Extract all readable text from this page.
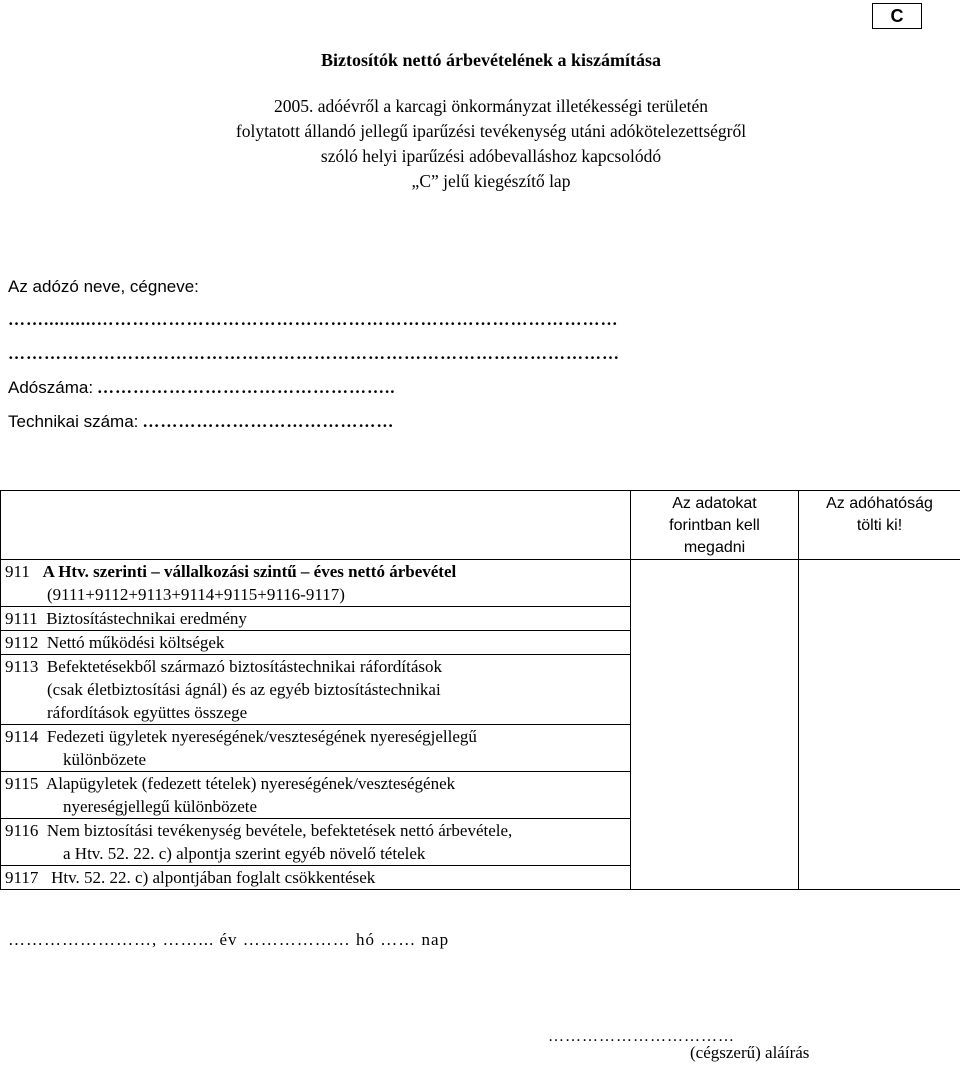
C
Biztosítók nettó árbevételének a kiszámítása
2005. adóévről a karcagi önkormányzat illetékességi területén
folytatott állandó jellegű iparűzési tevékenység utáni adókötelezettségről
szóló helyi iparűzési adóbevalláshoz kapcsolódó
„C” jelű kiegészítő lap
Az adózó neve, cégneve:
……..........……………………………………………………………………………
…………………………………………………………………………………………
Adószáma: …………………………………………..
Technikai száma: ……………………………………

	Az adatokat forintban kell megadni	Az adóhatóság tölti ki!

911 A Htv. szerinti – vállalkozási szintű – éves nettó árbevétel
(9111+9112+9113+9114+9115+9116-9117)		

9111 Biztosítástechnikai eredmény		
9112 Nettó működési költségek		
9113 Befektetésekből származó biztosítástechnikai ráfordítások
(csak életbiztosítási ágnál) és az egyéb biztosítástechnikai
ráfordítások együttes összege		

9114 Fedezeti ügyletek nyereségének/veszteségének nyereségjellegű
különbözete		

9115 Alapügyletek (fedezett tételek) nyereségének/veszteségének
nyereségjellegű különbözete		

9116 Nem biztosítási tevékenység bevétele, befektetések nettó árbevétele,
a Htv. 52. 22. c) alpontja szerint egyéb növelő tételek		

9117 Htv. 52. 22. c) alpontjában foglalt csökkentések		
……………………, ……... év ……………… hó …… nap
……………………………
(cégszerű) aláírás
